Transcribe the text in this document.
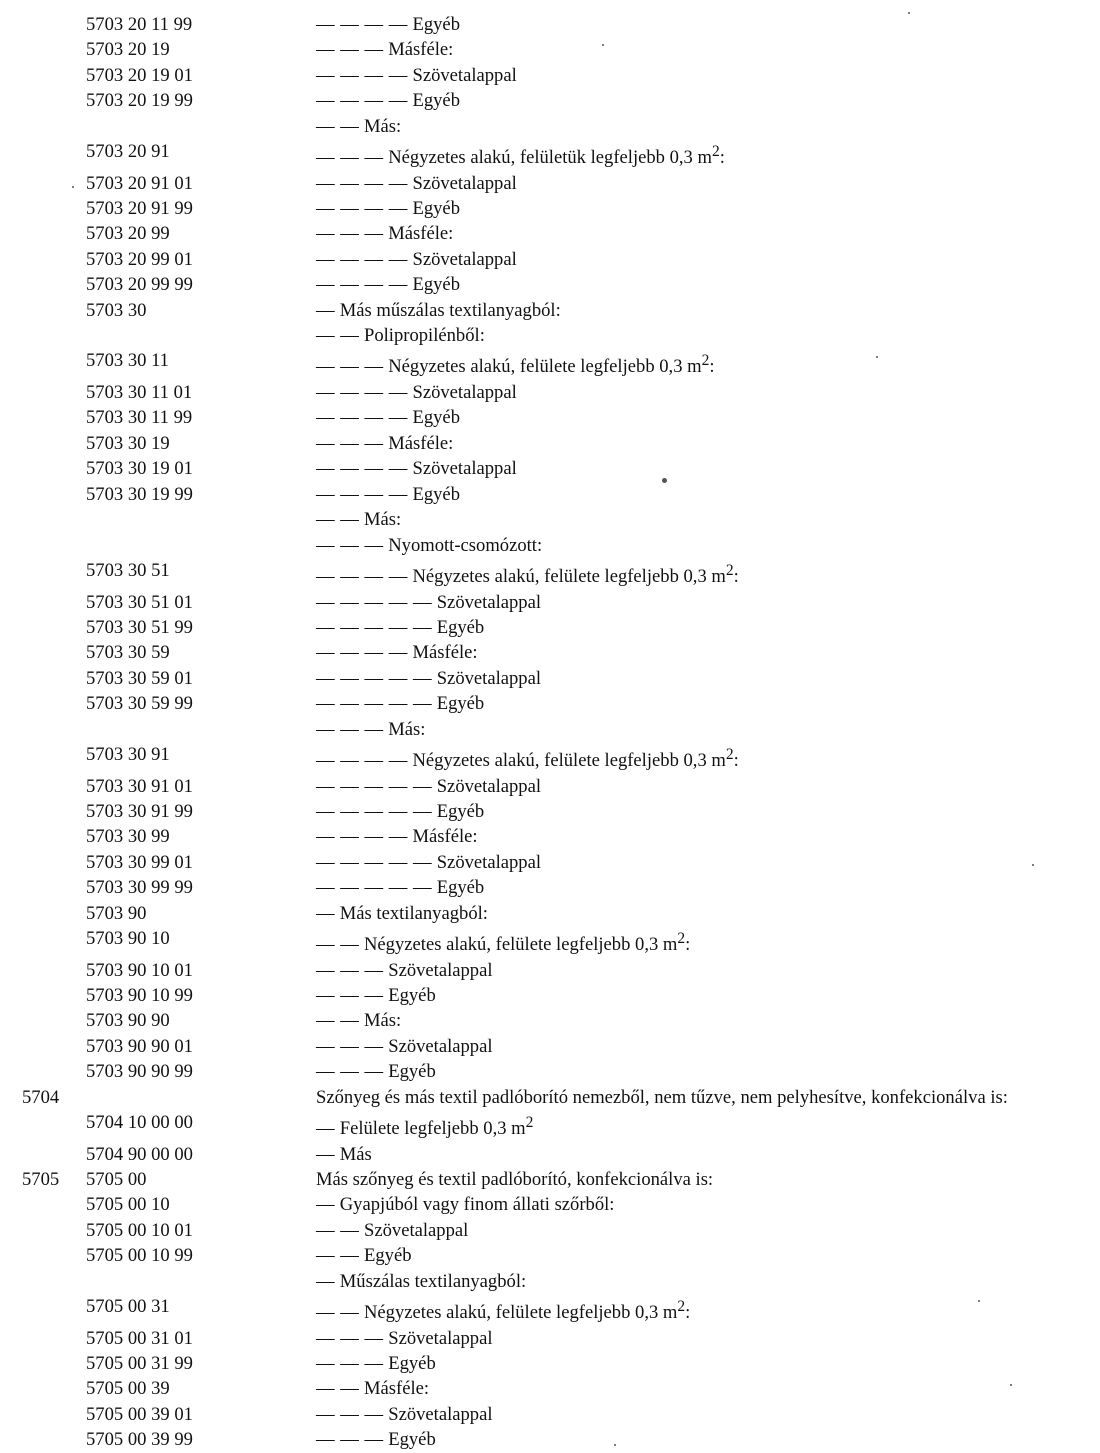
5703 20 11 99	— — — — Egyéb
5703 20 19	— — — Másféle:
5703 20 19 01	— — — — Szövetalappal
5703 20 19 99	— — — — Egyéb
— — Más:
5703 20 91	— — — Négyzetes alakú, felületük legfeljebb 0,3 $m^2$:
5703 20 91 01	— — — — Szövetalappal
5703 20 91 99	— — — — Egyéb
5703 20 99	— — — Másféle:
5703 20 99 01	— — — — Szövetalappal
5703 20 99 99	— — — — Egyéb
5703 30	— Más műszálas textilanyagból:
— — Polipropilénből:
5703 30 11	— — — Négyzetes alakú, felülete legfeljebb 0,3 $m^2$:
5703 30 11 01	— — — — Szövetalappal
5703 30 11 99	— — — — Egyéb
5703 30 19	— — — Másféle:
5703 30 19 01	— — — — Szövetalappal
5703 30 19 99	— — — — Egyéb
— — Más:
— — — Nyomott-csomózott:
5703 30 51	— — — — Négyzetes alakú, felülete legfeljebb 0,3 $m^2$:
5703 30 51 01	— — — — — Szövetalappal
5703 30 51 99	— — — — — Egyéb
5703 30 59	— — — — Másféle:
5703 30 59 01	— — — — — Szövetalappal
5703 30 59 99	— — — — — Egyéb
— — — Más:
5703 30 91	— — — — Négyzetes alakú, felülete legfeljebb 0,3 $m^2$:
5703 30 91 01	— — — — — Szövetalappal
5703 30 91 99	— — — — — Egyéb
5703 30 99	— — — — Másféle:
5703 30 99 01	— — — — — Szövetalappal
5703 30 99 99	— — — — — Egyéb
5703 90	— Más textilanyagból:
5703 90 10	— — Négyzetes alakú, felülete legfeljebb 0,3 $m^2$:
5703 90 10 01	— — — Szövetalappal
5703 90 10 99	— — — Egyéb
5703 90 90	— — Más:
5703 90 90 01	— — — Szövetalappal
5703 90 90 99	— — — Egyéb
5704	Szőnyeg és más textil padlóborító nemezből, nem tűzve, nem pelyhesítve, konfekcionálva is:
5704 10 00 00	— Felülete legfeljebb 0,3 $m^2$
5704 90 00 00	— Más
5705 5705 00	Más szőnyeg és textil padlóborító, konfekcionálva is:
5705 00 10	— Gyapjúból vagy finom állati szőrből:
5705 00 10 01	— — Szövetalappal
5705 00 10 99	— — Egyéb
— Műszálas textilanyagból:
5705 00 31	— — Négyzetes alakú, felülete legfeljebb 0,3 $m^2$:
5705 00 31 01	— — — Szövetalappal
5705 00 31 99	— — — Egyéb
5705 00 39	— — Másféle:
5705 00 39 01	— — — Szövetalappal
5705 00 39 99	— — — Egyéb
